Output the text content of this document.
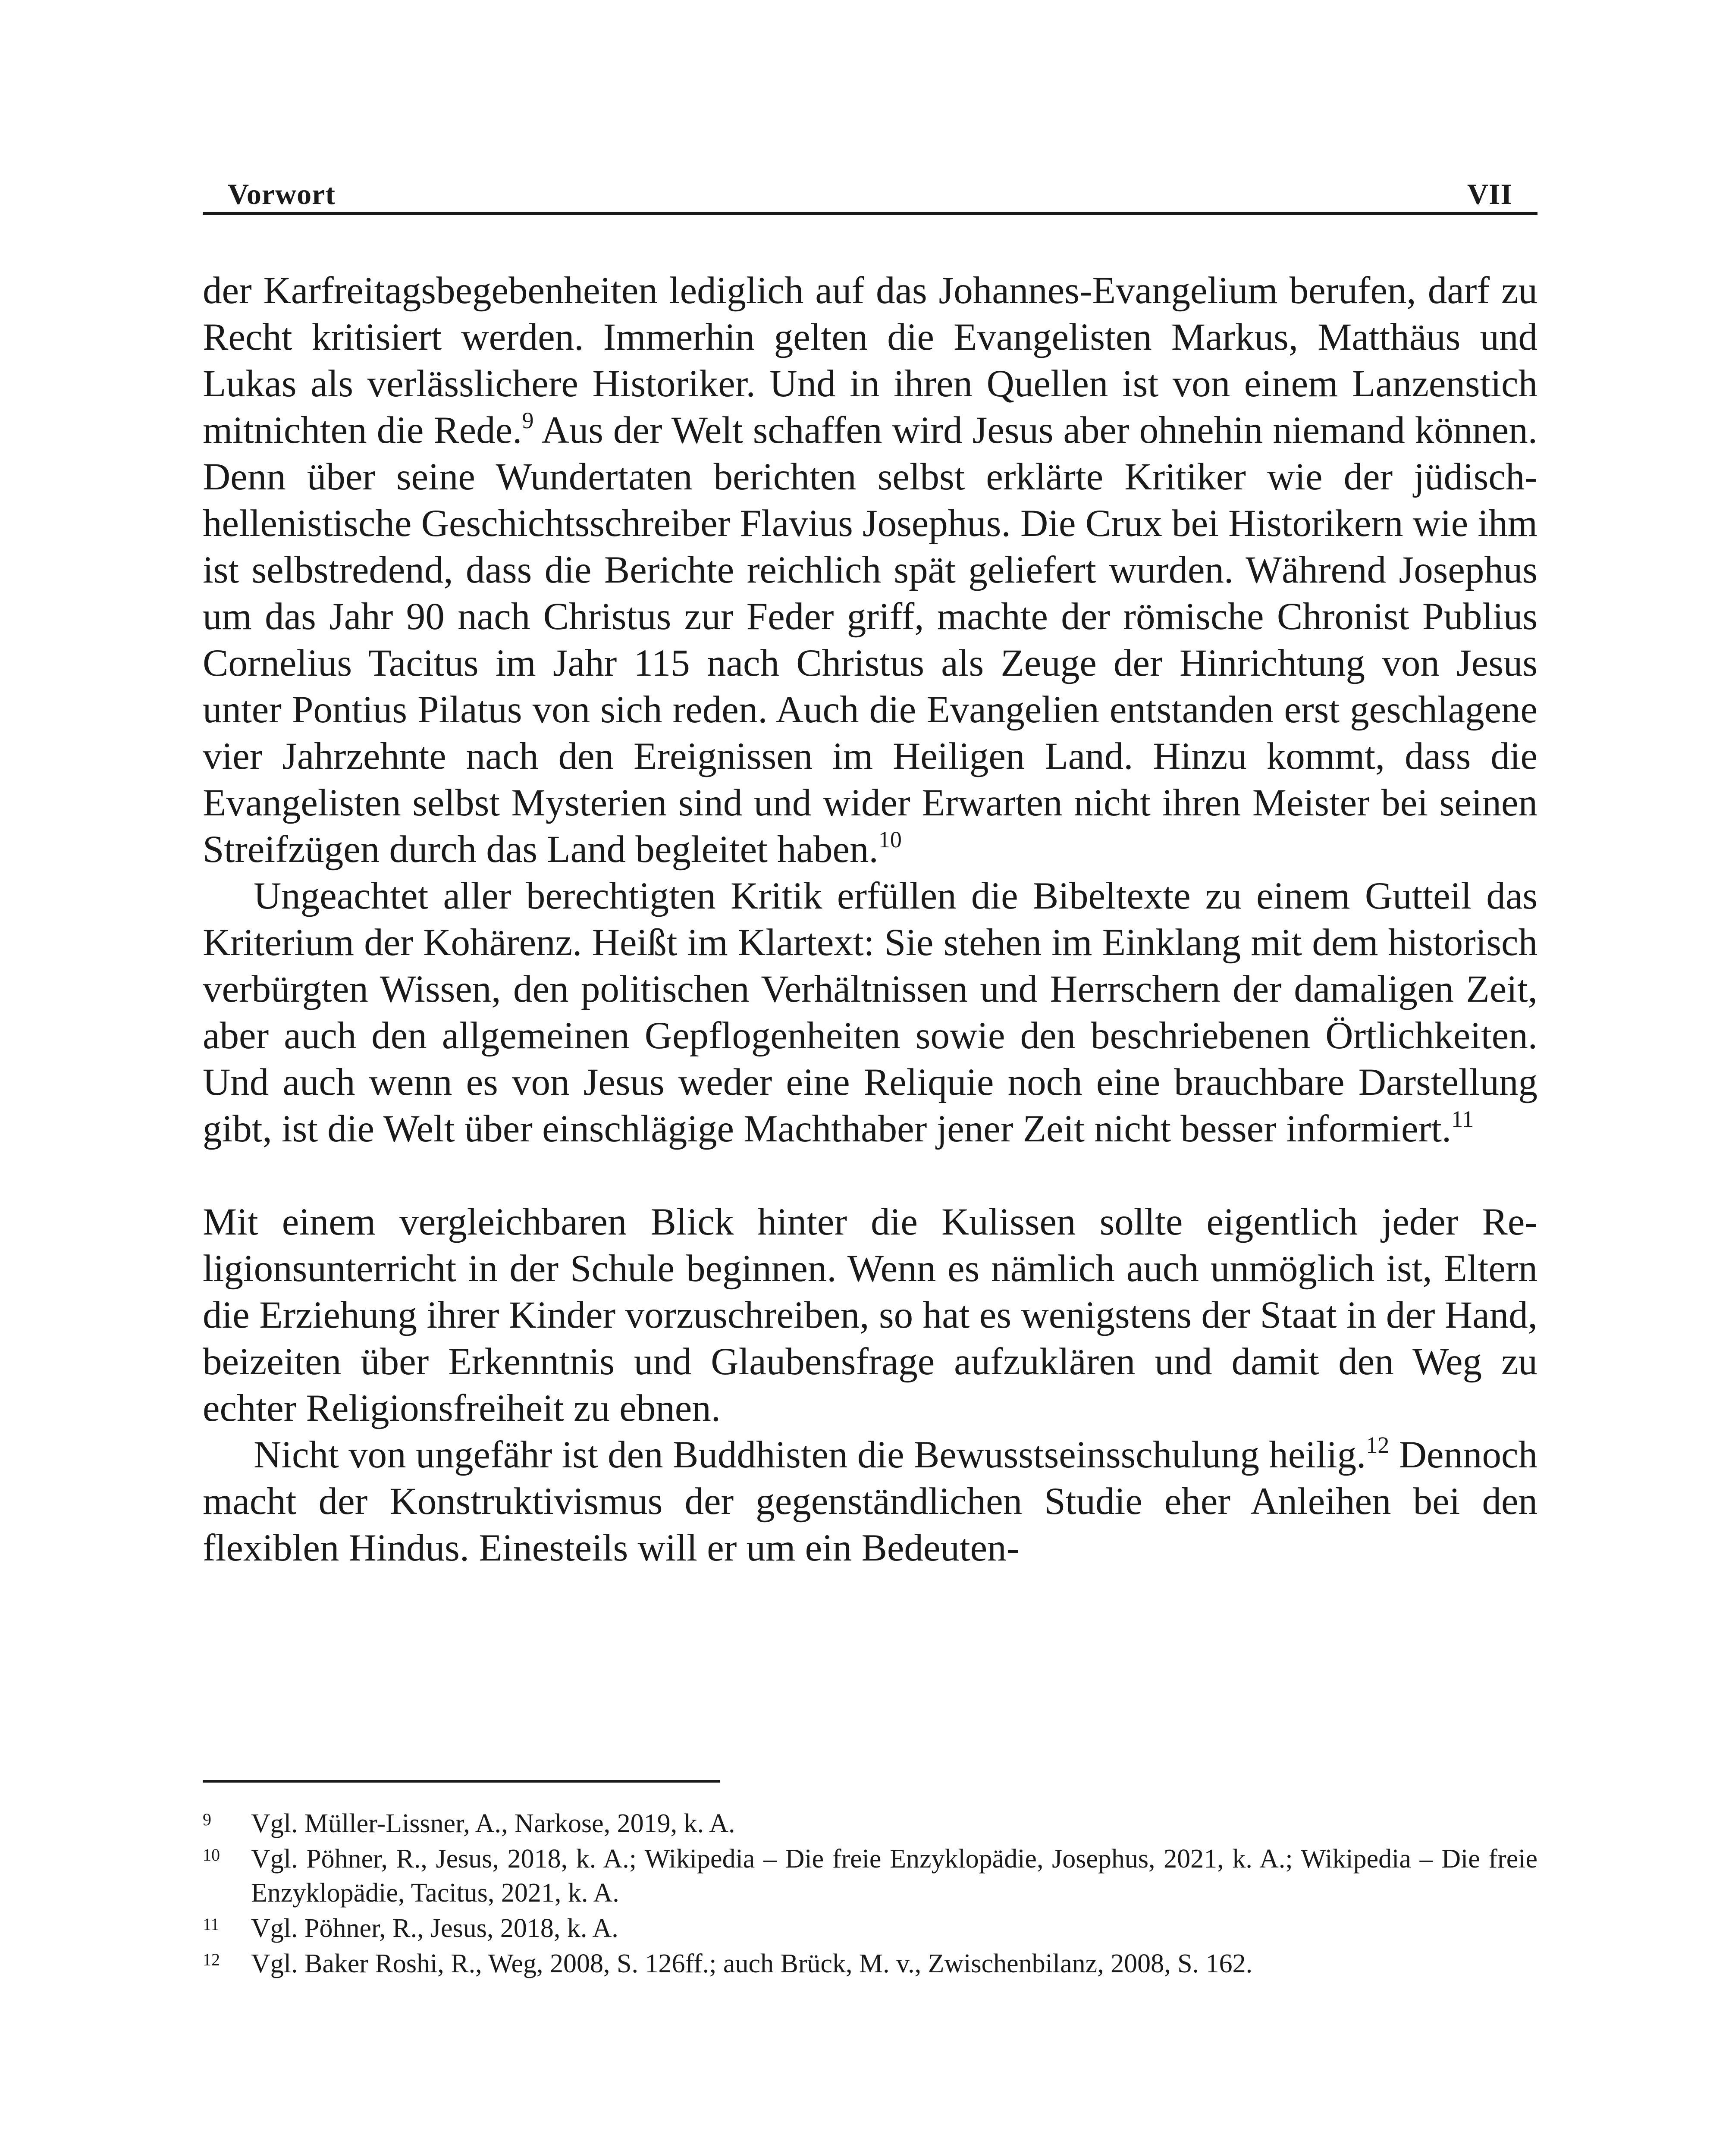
Vorwort	VII

der Karfreitagsbegebenheiten lediglich auf das Johannes-Evangelium berufen, darf zu Recht kritisiert werden. Immerhin gelten die Evangelisten Markus, Matthäus und Lukas als verlässlichere Historiker. Und in ihren Quellen ist von einem Lanzenstich mitnichten die Rede.$^9$ Aus der Welt schaffen wird Jesus aber ohnehin niemand können. Denn über seine Wundertaten berichten selbst erklärte Kritiker wie der jüdisch-hellenistische Geschichtsschreiber Flavius Josephus. Die Crux bei Historikern wie ihm ist selbstredend, dass die Berichte reichlich spät geliefert wurden. Während Josephus um das Jahr 90 nach Christus zur Feder griff, machte der römische Chronist Publius Cornelius Tacitus im Jahr 115 nach Christus als Zeuge der Hinrichtung von Jesus unter Pontius Pilatus von sich reden. Auch die Evangelien entstanden erst geschlagene vier Jahrzehnte nach den Ereignissen im Heiligen Land. Hinzu kommt, dass die Evangelisten selbst Mysterien sind und wider Erwarten nicht ihren Meister bei seinen Streifzügen durch das Land begleitet haben.$^{10}$

Ungeachtet aller berechtigten Kritik erfüllen die Bibeltexte zu einem Gutteil das Kriterium der Kohärenz. Heißt im Klartext: Sie stehen im Einklang mit dem historisch verbürgten Wissen, den politischen Verhältnissen und Herrschern der damaligen Zeit, aber auch den allgemeinen Gepflogenheiten sowie den beschriebenen Örtlichkeiten. Und auch wenn es von Jesus weder eine Reliquie noch eine brauchbare Darstellung gibt, ist die Welt über einschlägige Machthaber jener Zeit nicht besser informiert.$^{11}$

Mit einem vergleichbaren Blick hinter die Kulissen sollte eigentlich jeder Religionsunterricht in der Schule beginnen. Wenn es nämlich auch unmöglich ist, Eltern die Erziehung ihrer Kinder vorzuschreiben, so hat es wenigstens der Staat in der Hand, beizeiten über Erkenntnis und Glaubensfrage aufzuklären und damit den Weg zu echter Religionsfreiheit zu ebnen.

Nicht von ungefähr ist den Buddhisten die Bewusstseinsschulung heilig.$^{12}$ Dennoch macht der Konstruktivismus der gegenständlichen Studie eher Anleihen bei den flexiblen Hindus. Einesteils will er um ein Bedeuten-

9	Vgl. Müller-Lissner, A., Narkose, 2019, k. A.
10	Vgl. Pöhner, R., Jesus, 2018, k. A.; Wikipedia – Die freie Enzyklopädie, Josephus, 2021, k. A.; Wikipedia – Die freie Enzyklopädie, Tacitus, 2021, k. A.
11	Vgl. Pöhner, R., Jesus, 2018, k. A.
12	Vgl. Baker Roshi, R., Weg, 2008, S. 126ff.; auch Brück, M. v., Zwischenbilanz, 2008, S. 162.
